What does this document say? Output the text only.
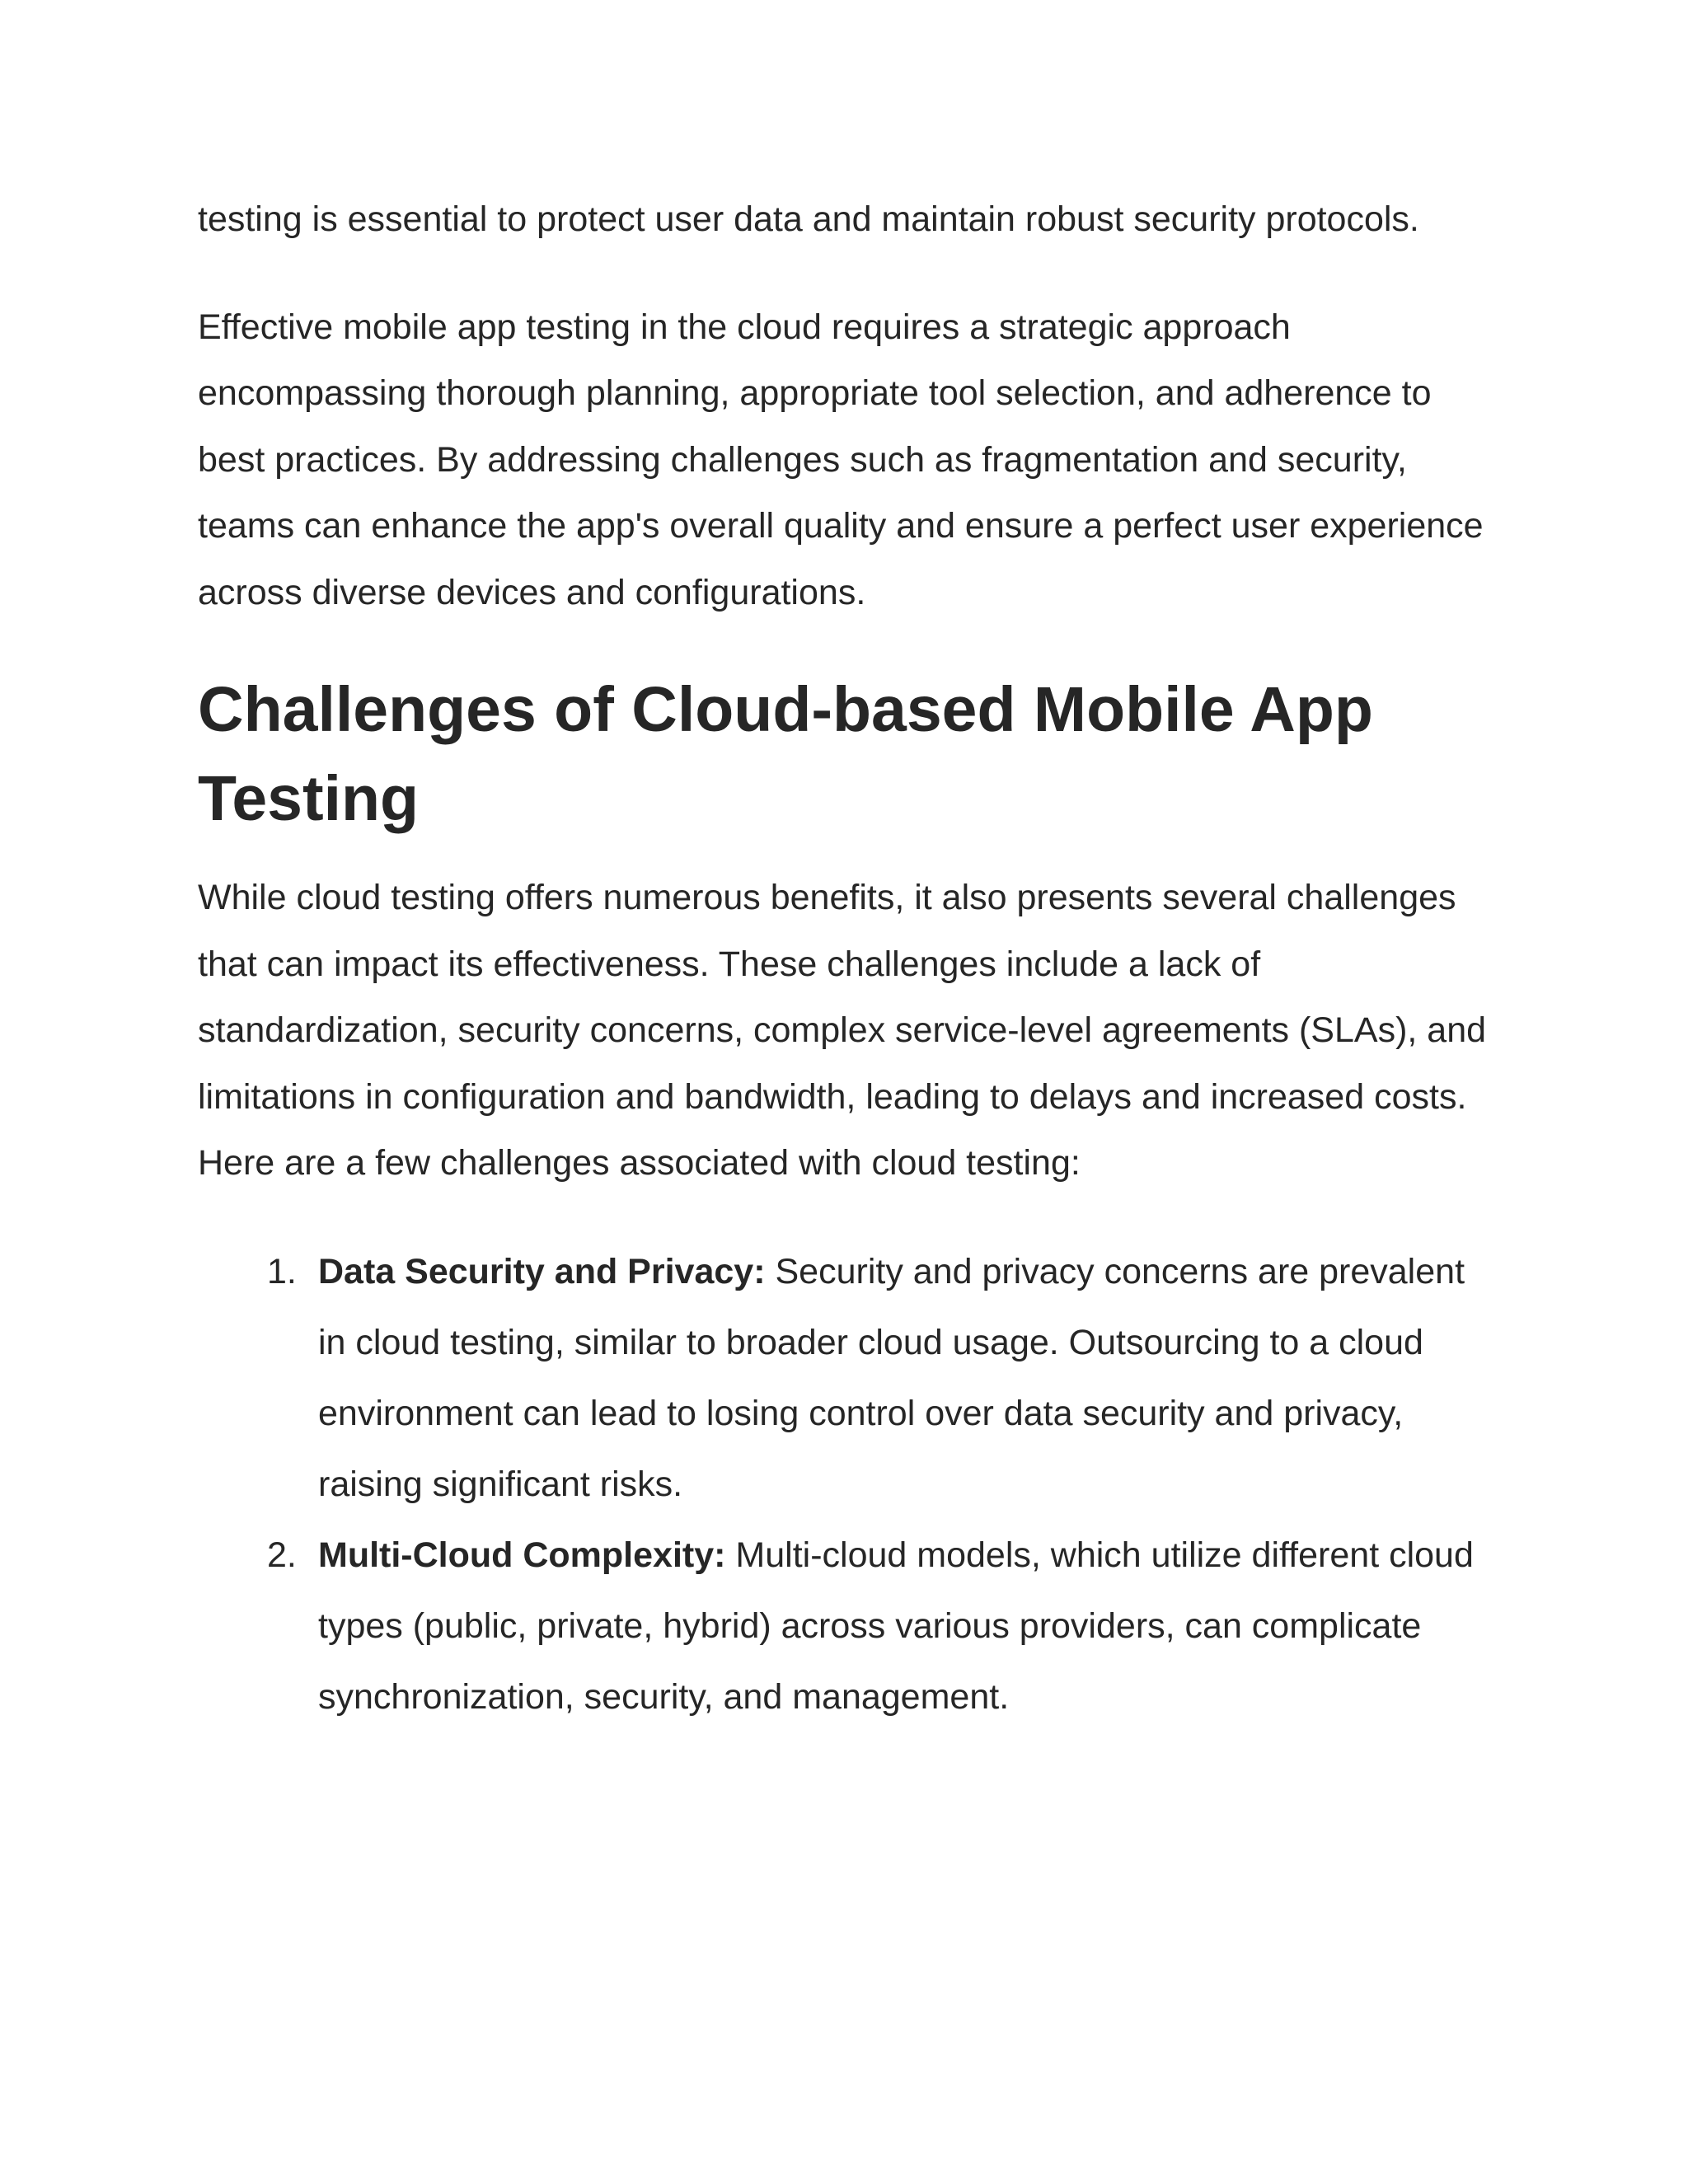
testing is essential to protect user data and maintain robust security protocols.

Effective mobile app testing in the cloud requires a strategic approach encompassing thorough planning, appropriate tool selection, and adherence to best practices. By addressing challenges such as fragmentation and security, teams can enhance the app's overall quality and ensure a perfect user experience across diverse devices and configurations.

Challenges of Cloud-based Mobile App Testing

While cloud testing offers numerous benefits, it also presents several challenges that can impact its effectiveness. These challenges include a lack of standardization, security concerns, complex service-level agreements (SLAs), and limitations in configuration and bandwidth, leading to delays and increased costs. Here are a few challenges associated with cloud testing:

1. Data Security and Privacy: Security and privacy concerns are prevalent in cloud testing, similar to broader cloud usage. Outsourcing to a cloud environment can lead to losing control over data security and privacy, raising significant risks.
2. Multi-Cloud Complexity: Multi-cloud models, which utilize different cloud types (public, private, hybrid) across various providers, can complicate synchronization, security, and management.
